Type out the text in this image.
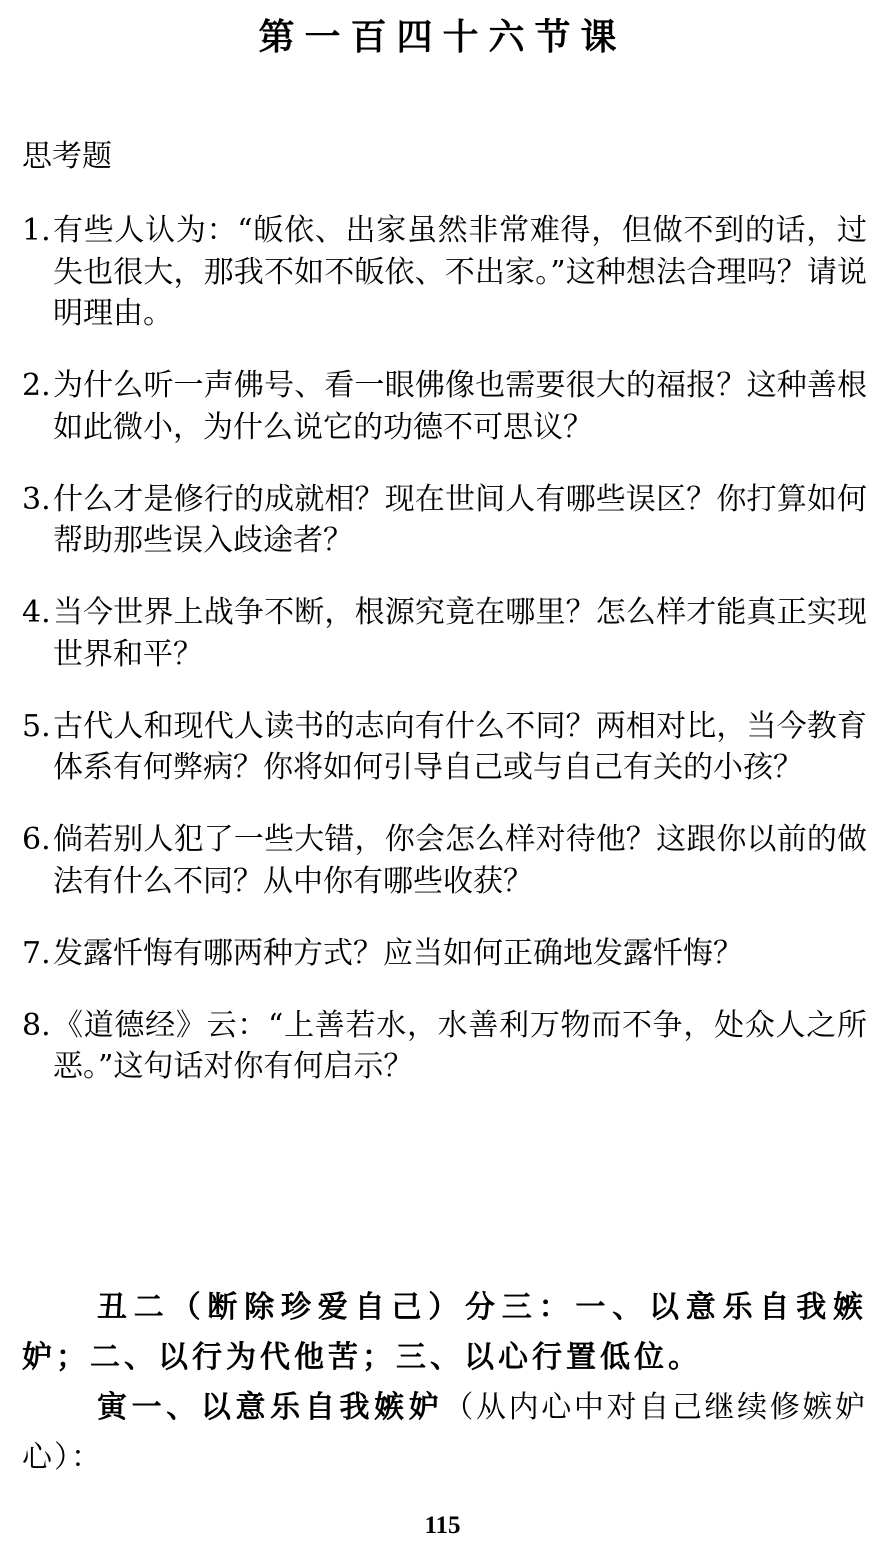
第一百四十六节课
思考题
1. 有些人认为：“皈依、出家虽然非常难得，但做不到的话，过失也很大，那我不如不皈依、不出家。”这种想法合理吗？请说明理由。
2. 为什么听一声佛号、看一眼佛像也需要很大的福报？这种善根如此微小，为什么说它的功德不可思议？
3. 什么才是修行的成就相？现在世间人有哪些误区？你打算如何帮助那些误入歧途者？
4. 当今世界上战争不断，根源究竟在哪里？怎么样才能真正实现世界和平？
5. 古代人和现代人读书的志向有什么不同？两相对比，当今教育体系有何弊病？你将如何引导自己或与自己有关的小孩？
6. 倘若别人犯了一些大错，你会怎么样对待他？这跟你以前的做法有什么不同？从中你有哪些收获？
7. 发露忏悔有哪两种方式？应当如何正确地发露忏悔？
8. 《道德经》云：“上善若水，水善利万物而不争，处众人之所恶。”这句话对你有何启示？

丑二（断除珍爱自己）分三：一、以意乐自我嫉妒；二、以行为代他苦；三、以心行置低位。

寅一、以意乐自我嫉妒（从内心中对自己继续修嫉妒心）：

115
